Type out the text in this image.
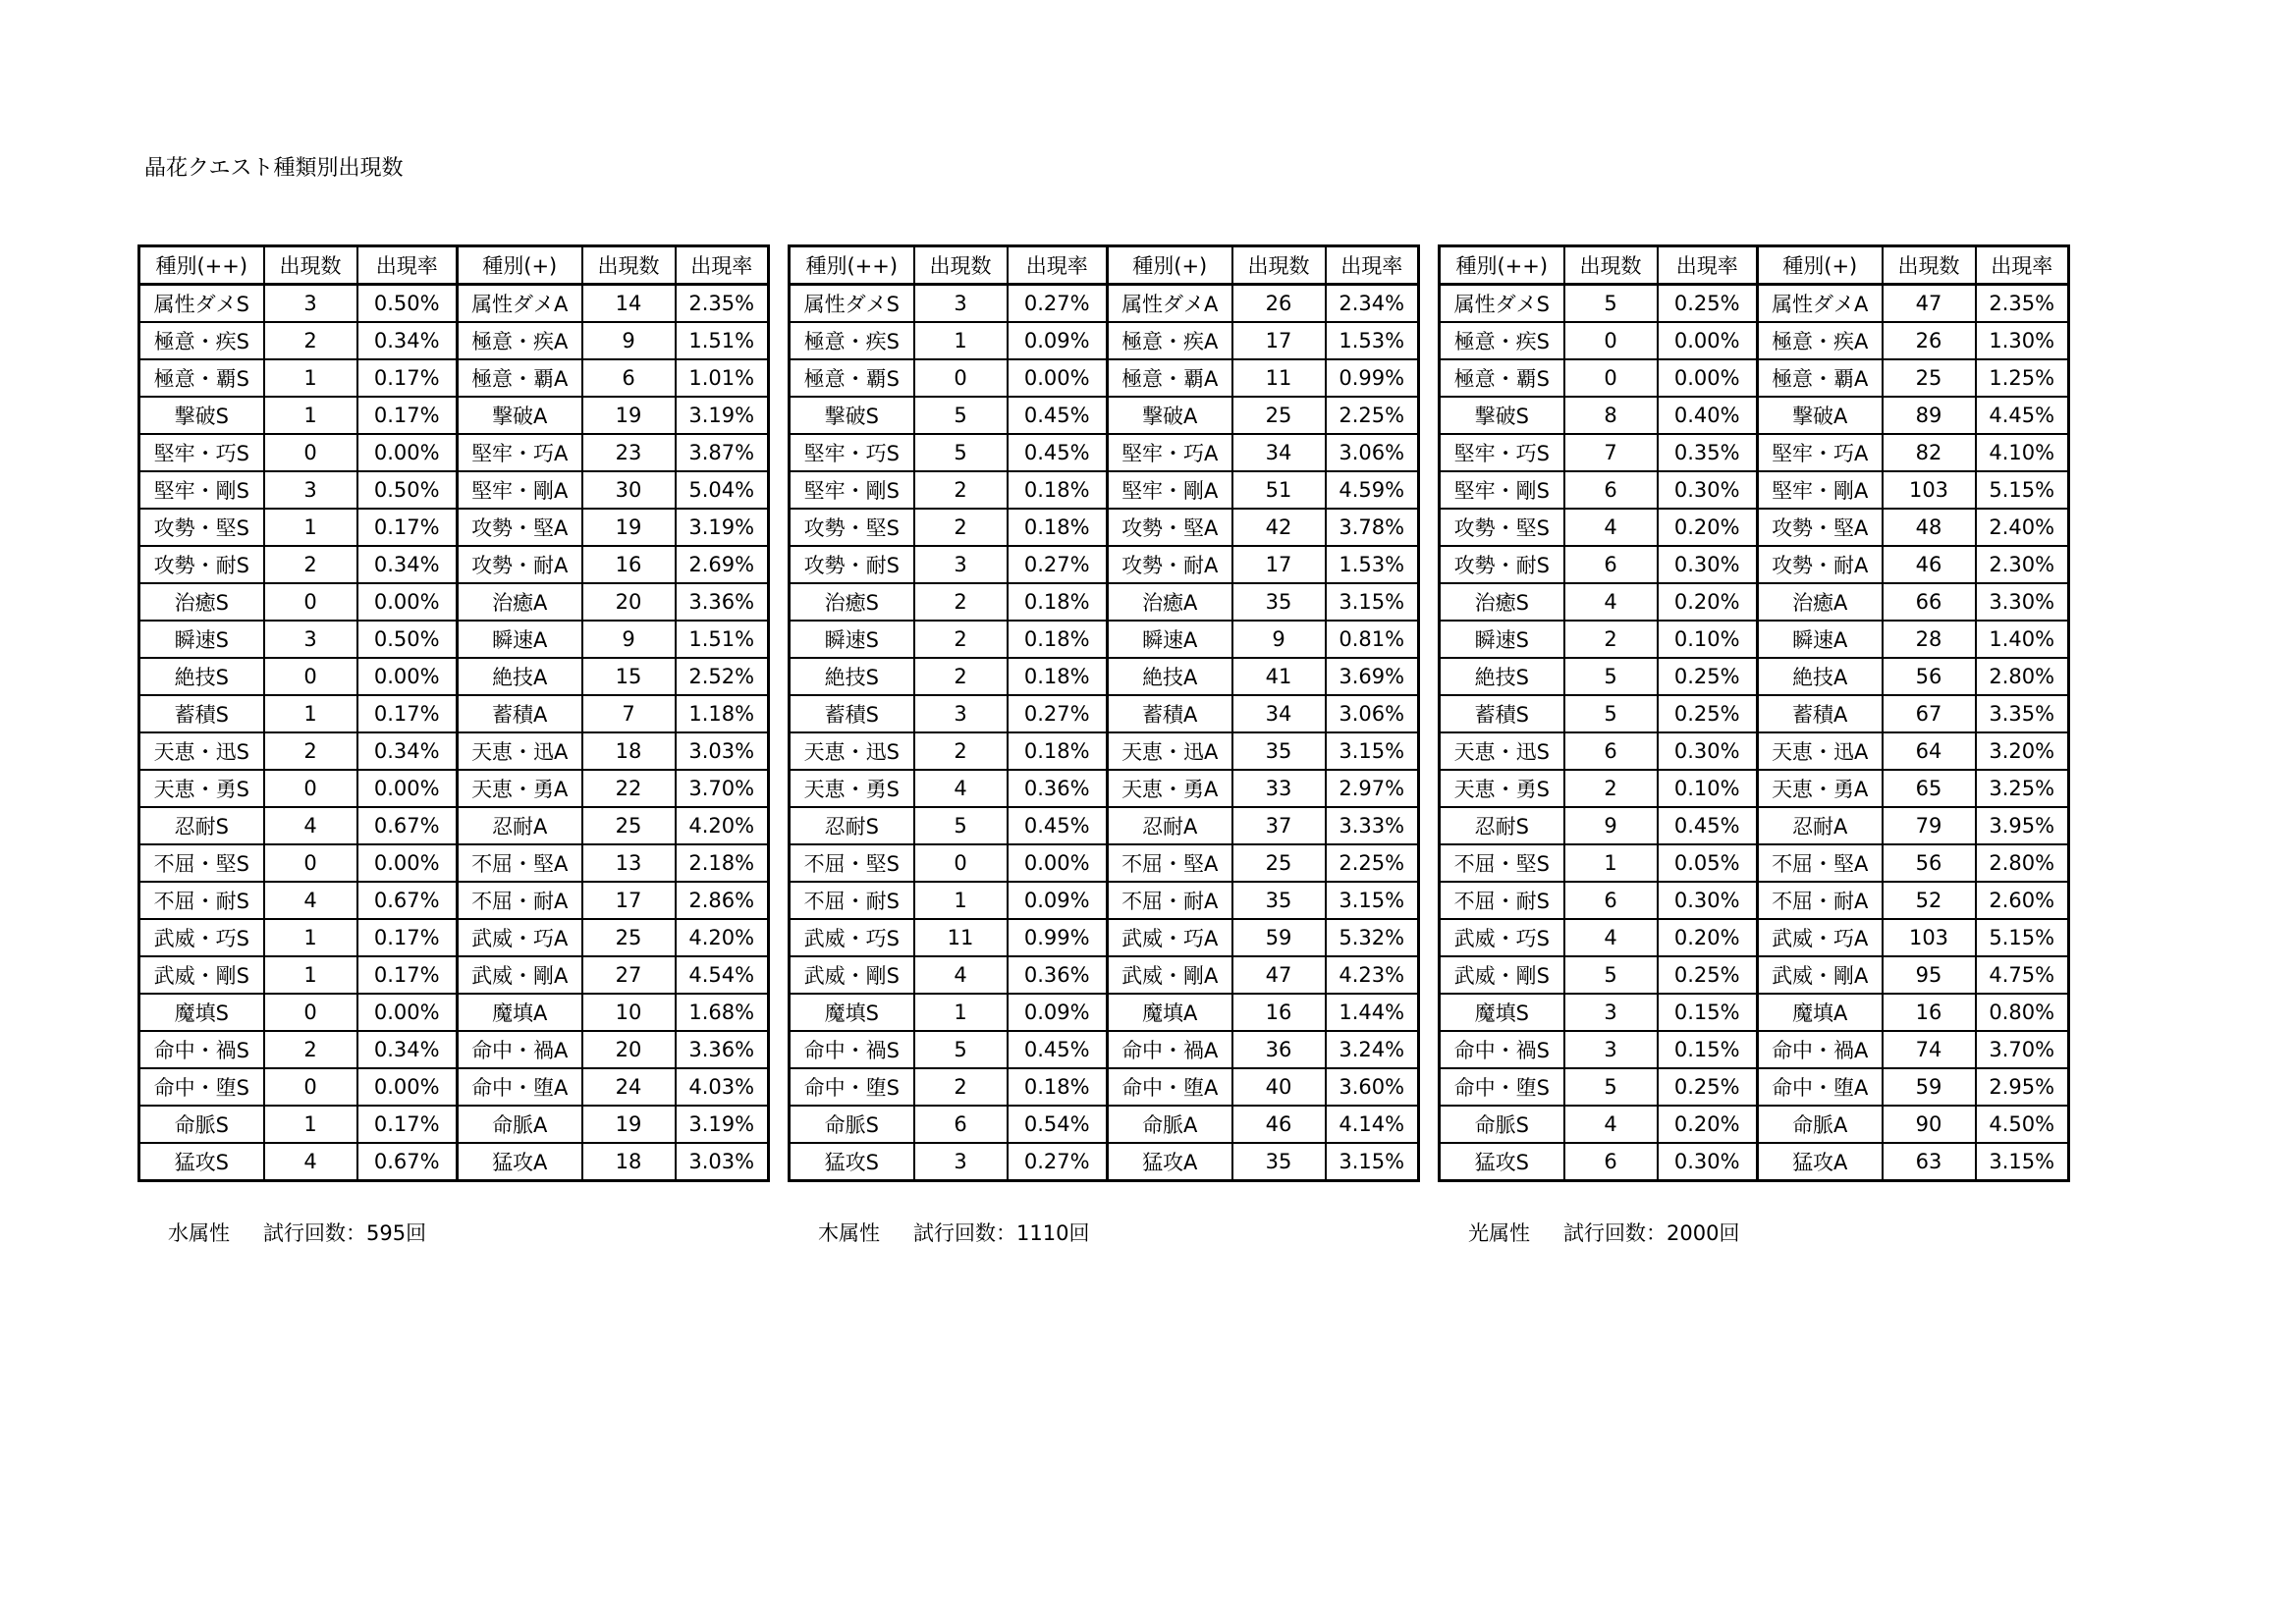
晶花クエスト種類別出現数
種別(++)	出現数	出現率	種別(+)	出現数	出現率
属性ダメS	3	0.50%	属性ダメA	14	2.35%
極意・疾S	2	0.34%	極意・疾A	9	1.51%
極意・覇S	1	0.17%	極意・覇A	6	1.01%
撃破S	1	0.17%	撃破A	19	3.19%
堅牢・巧S	0	0.00%	堅牢・巧A	23	3.87%
堅牢・剛S	3	0.50%	堅牢・剛A	30	5.04%
攻勢・堅S	1	0.17%	攻勢・堅A	19	3.19%
攻勢・耐S	2	0.34%	攻勢・耐A	16	2.69%
治癒S	0	0.00%	治癒A	20	3.36%
瞬速S	3	0.50%	瞬速A	9	1.51%
絶技S	0	0.00%	絶技A	15	2.52%
蓄積S	1	0.17%	蓄積A	7	1.18%
天恵・迅S	2	0.34%	天恵・迅A	18	3.03%
天恵・勇S	0	0.00%	天恵・勇A	22	3.70%
忍耐S	4	0.67%	忍耐A	25	4.20%
不屈・堅S	0	0.00%	不屈・堅A	13	2.18%
不屈・耐S	4	0.67%	不屈・耐A	17	2.86%
武威・巧S	1	0.17%	武威・巧A	25	4.20%
武威・剛S	1	0.17%	武威・剛A	27	4.54%
魔填S	0	0.00%	魔填A	10	1.68%
命中・禍S	2	0.34%	命中・禍A	20	3.36%
命中・堕S	0	0.00%	命中・堕A	24	4.03%
命脈S	1	0.17%	命脈A	19	3.19%
猛攻S	4	0.67%	猛攻A	18	3.03%
水属性 試行回数：595回
種別(++)	出現数	出現率	種別(+)	出現数	出現率
属性ダメS	3	0.27%	属性ダメA	26	2.34%
極意・疾S	1	0.09%	極意・疾A	17	1.53%
極意・覇S	0	0.00%	極意・覇A	11	0.99%
撃破S	5	0.45%	撃破A	25	2.25%
堅牢・巧S	5	0.45%	堅牢・巧A	34	3.06%
堅牢・剛S	2	0.18%	堅牢・剛A	51	4.59%
攻勢・堅S	2	0.18%	攻勢・堅A	42	3.78%
攻勢・耐S	3	0.27%	攻勢・耐A	17	1.53%
治癒S	2	0.18%	治癒A	35	3.15%
瞬速S	2	0.18%	瞬速A	9	0.81%
絶技S	2	0.18%	絶技A	41	3.69%
蓄積S	3	0.27%	蓄積A	34	3.06%
天恵・迅S	2	0.18%	天恵・迅A	35	3.15%
天恵・勇S	4	0.36%	天恵・勇A	33	2.97%
忍耐S	5	0.45%	忍耐A	37	3.33%
不屈・堅S	0	0.00%	不屈・堅A	25	2.25%
不屈・耐S	1	0.09%	不屈・耐A	35	3.15%
武威・巧S	11	0.99%	武威・巧A	59	5.32%
武威・剛S	4	0.36%	武威・剛A	47	4.23%
魔填S	1	0.09%	魔填A	16	1.44%
命中・禍S	5	0.45%	命中・禍A	36	3.24%
命中・堕S	2	0.18%	命中・堕A	40	3.60%
命脈S	6	0.54%	命脈A	46	4.14%
猛攻S	3	0.27%	猛攻A	35	3.15%
木属性 試行回数：1110回
種別(++)	出現数	出現率	種別(+)	出現数	出現率
属性ダメS	5	0.25%	属性ダメA	47	2.35%
極意・疾S	0	0.00%	極意・疾A	26	1.30%
極意・覇S	0	0.00%	極意・覇A	25	1.25%
撃破S	8	0.40%	撃破A	89	4.45%
堅牢・巧S	7	0.35%	堅牢・巧A	82	4.10%
堅牢・剛S	6	0.30%	堅牢・剛A	103	5.15%
攻勢・堅S	4	0.20%	攻勢・堅A	48	2.40%
攻勢・耐S	6	0.30%	攻勢・耐A	46	2.30%
治癒S	4	0.20%	治癒A	66	3.30%
瞬速S	2	0.10%	瞬速A	28	1.40%
絶技S	5	0.25%	絶技A	56	2.80%
蓄積S	5	0.25%	蓄積A	67	3.35%
天恵・迅S	6	0.30%	天恵・迅A	64	3.20%
天恵・勇S	2	0.10%	天恵・勇A	65	3.25%
忍耐S	9	0.45%	忍耐A	79	3.95%
不屈・堅S	1	0.05%	不屈・堅A	56	2.80%
不屈・耐S	6	0.30%	不屈・耐A	52	2.60%
武威・巧S	4	0.20%	武威・巧A	103	5.15%
武威・剛S	5	0.25%	武威・剛A	95	4.75%
魔填S	3	0.15%	魔填A	16	0.80%
命中・禍S	3	0.15%	命中・禍A	74	3.70%
命中・堕S	5	0.25%	命中・堕A	59	2.95%
命脈S	4	0.20%	命脈A	90	4.50%
猛攻S	6	0.30%	猛攻A	63	3.15%
光属性 試行回数：2000回
